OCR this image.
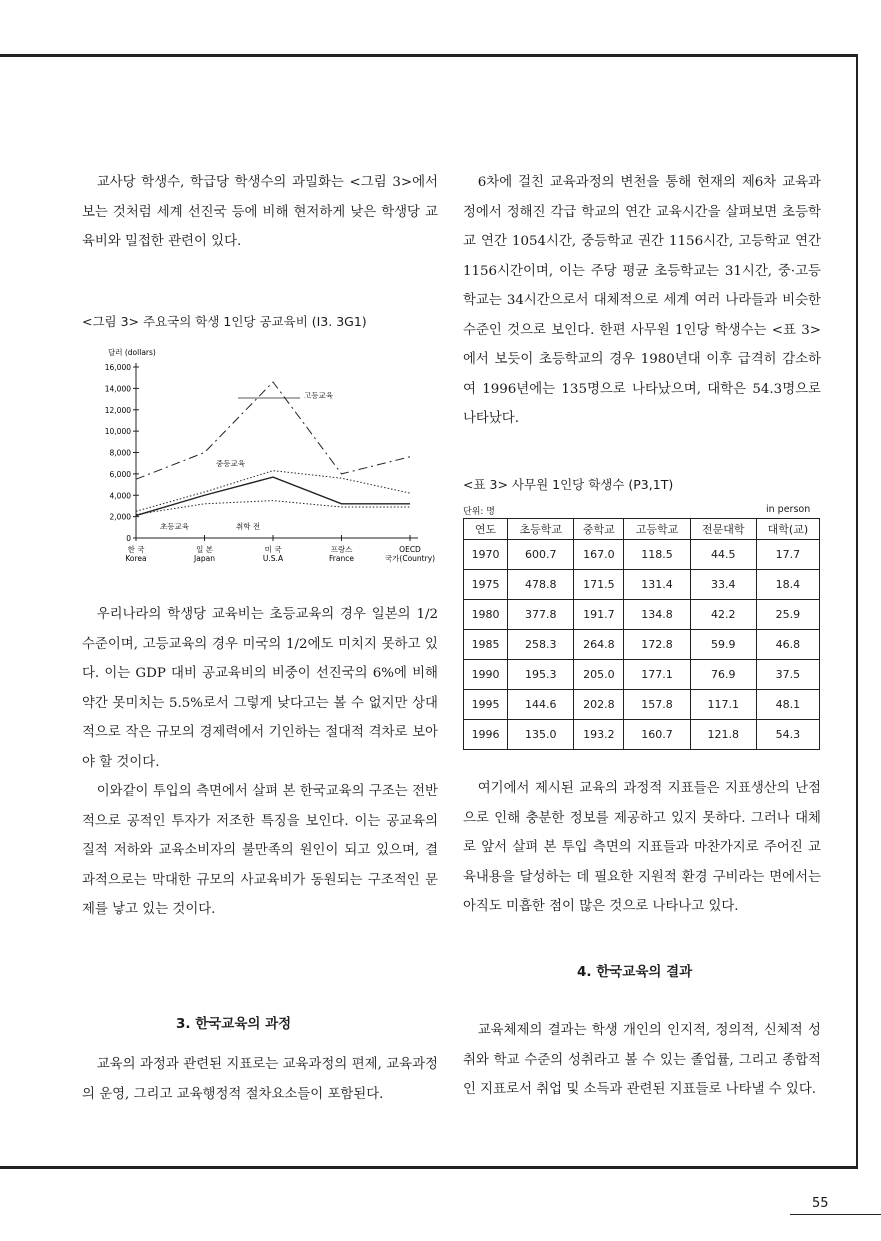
교사당 학생수, 학급당 학생수의 과밀화는 <그림 3>에서 보는 것처럼 세계 선진국 등에 비해 현저하게 낮은 학생당 교육비와 밀접한 관련이 있다.

<그림 3> 주요국의 학생 1인당 공교육비 (I3. 3G1)
달러 (dollars)
0
2,000
4,000
6,000
8,000
10,000
12,000
14,000
16,000
한 국
Korea
일 본
Japan
미 국
U.S.A
프랑스
France
OECD
국가(Country)
고등교육
중등교육
초등교육	취학 전

우리나라의 학생당 교육비는 초등교육의 경우 일본의 1/2 수준이며, 고등교육의 경우 미국의 1/2에도 미치지 못하고 있다. 이는 GDP 대비 공교육비의 비중이 선진국의 6%에 비해 약간 못미치는 5.5%로서 그렇게 낮다고는 볼 수 없지만 상대적으로 작은 규모의 경제력에서 기인하는 절대적 격차로 보아야 할 것이다.

이와같이 투입의 측면에서 살펴 본 한국교육의 구조는 전반적으로 공적인 투자가 저조한 특징을 보인다. 이는 공교육의 질적 저하와 교육소비자의 불만족의 원인이 되고 있으며, 결과적으로는 막대한 규모의 사교육비가 동원되는 구조적인 문제를 낳고 있는 것이다.

3. 한국교육의 과정

교육의 과정과 관련된 지표로는 교육과정의 편제, 교육과정의 운영, 그리고 교육행정적 절차요소들이 포함된다.

6차에 걸친 교육과정의 변천을 통해 현재의 제6차 교육과정에서 정해진 각급 학교의 연간 교육시간을 살펴보면 초등학교 연간 1054시간, 중등학교 권간 1156시간, 고등학교 연간 1156시간이며, 이는 주당 평균 초등학교는 31시간, 중·고등학교는 34시간으로서 대체적으로 세계 여러 나라들과 비슷한 수준인 것으로 보인다. 한편 사무원 1인당 학생수는 <표 3>에서 보듯이 초등학교의 경우 1980년대 이후 급격히 감소하여 1996년에는 135명으로 나타났으며, 대학은 54.3명으로 나타났다.

<표 3> 사무원 1인당 학생수 (P3,1T)
단위: 명	in person
연도	초등학교	중학교	고등학교	전문대학	대학(교)
1970	600.7	167.0	118.5	44.5	17.7
1975	478.8	171.5	131.4	33.4	18.4
1980	377.8	191.7	134.8	42.2	25.9
1985	258.3	264.8	172.8	59.9	46.8
1990	195.3	205.0	177.1	76.9	37.5
1995	144.6	202.8	157.8	117.1	48.1
1996	135.0	193.2	160.7	121.8	54.3

여기에서 제시된 교육의 과정적 지표들은 지표생산의 난점으로 인해 충분한 정보를 제공하고 있지 못하다. 그러나 대체로 앞서 살펴 본 투입 측면의 지표들과 마찬가지로 주어진 교육내용을 달성하는 데 필요한 지원적 환경 구비라는 면에서는 아직도 미흡한 점이 많은 것으로 나타나고 있다.

4. 한국교육의 결과

교육체제의 결과는 학생 개인의 인지적, 정의적, 신체적 성취와 학교 수준의 성취라고 볼 수 있는 졸업률, 그리고 종합적인 지표로서 취업 및 소득과 관련된 지표들로 나타낼 수 있다.

55
